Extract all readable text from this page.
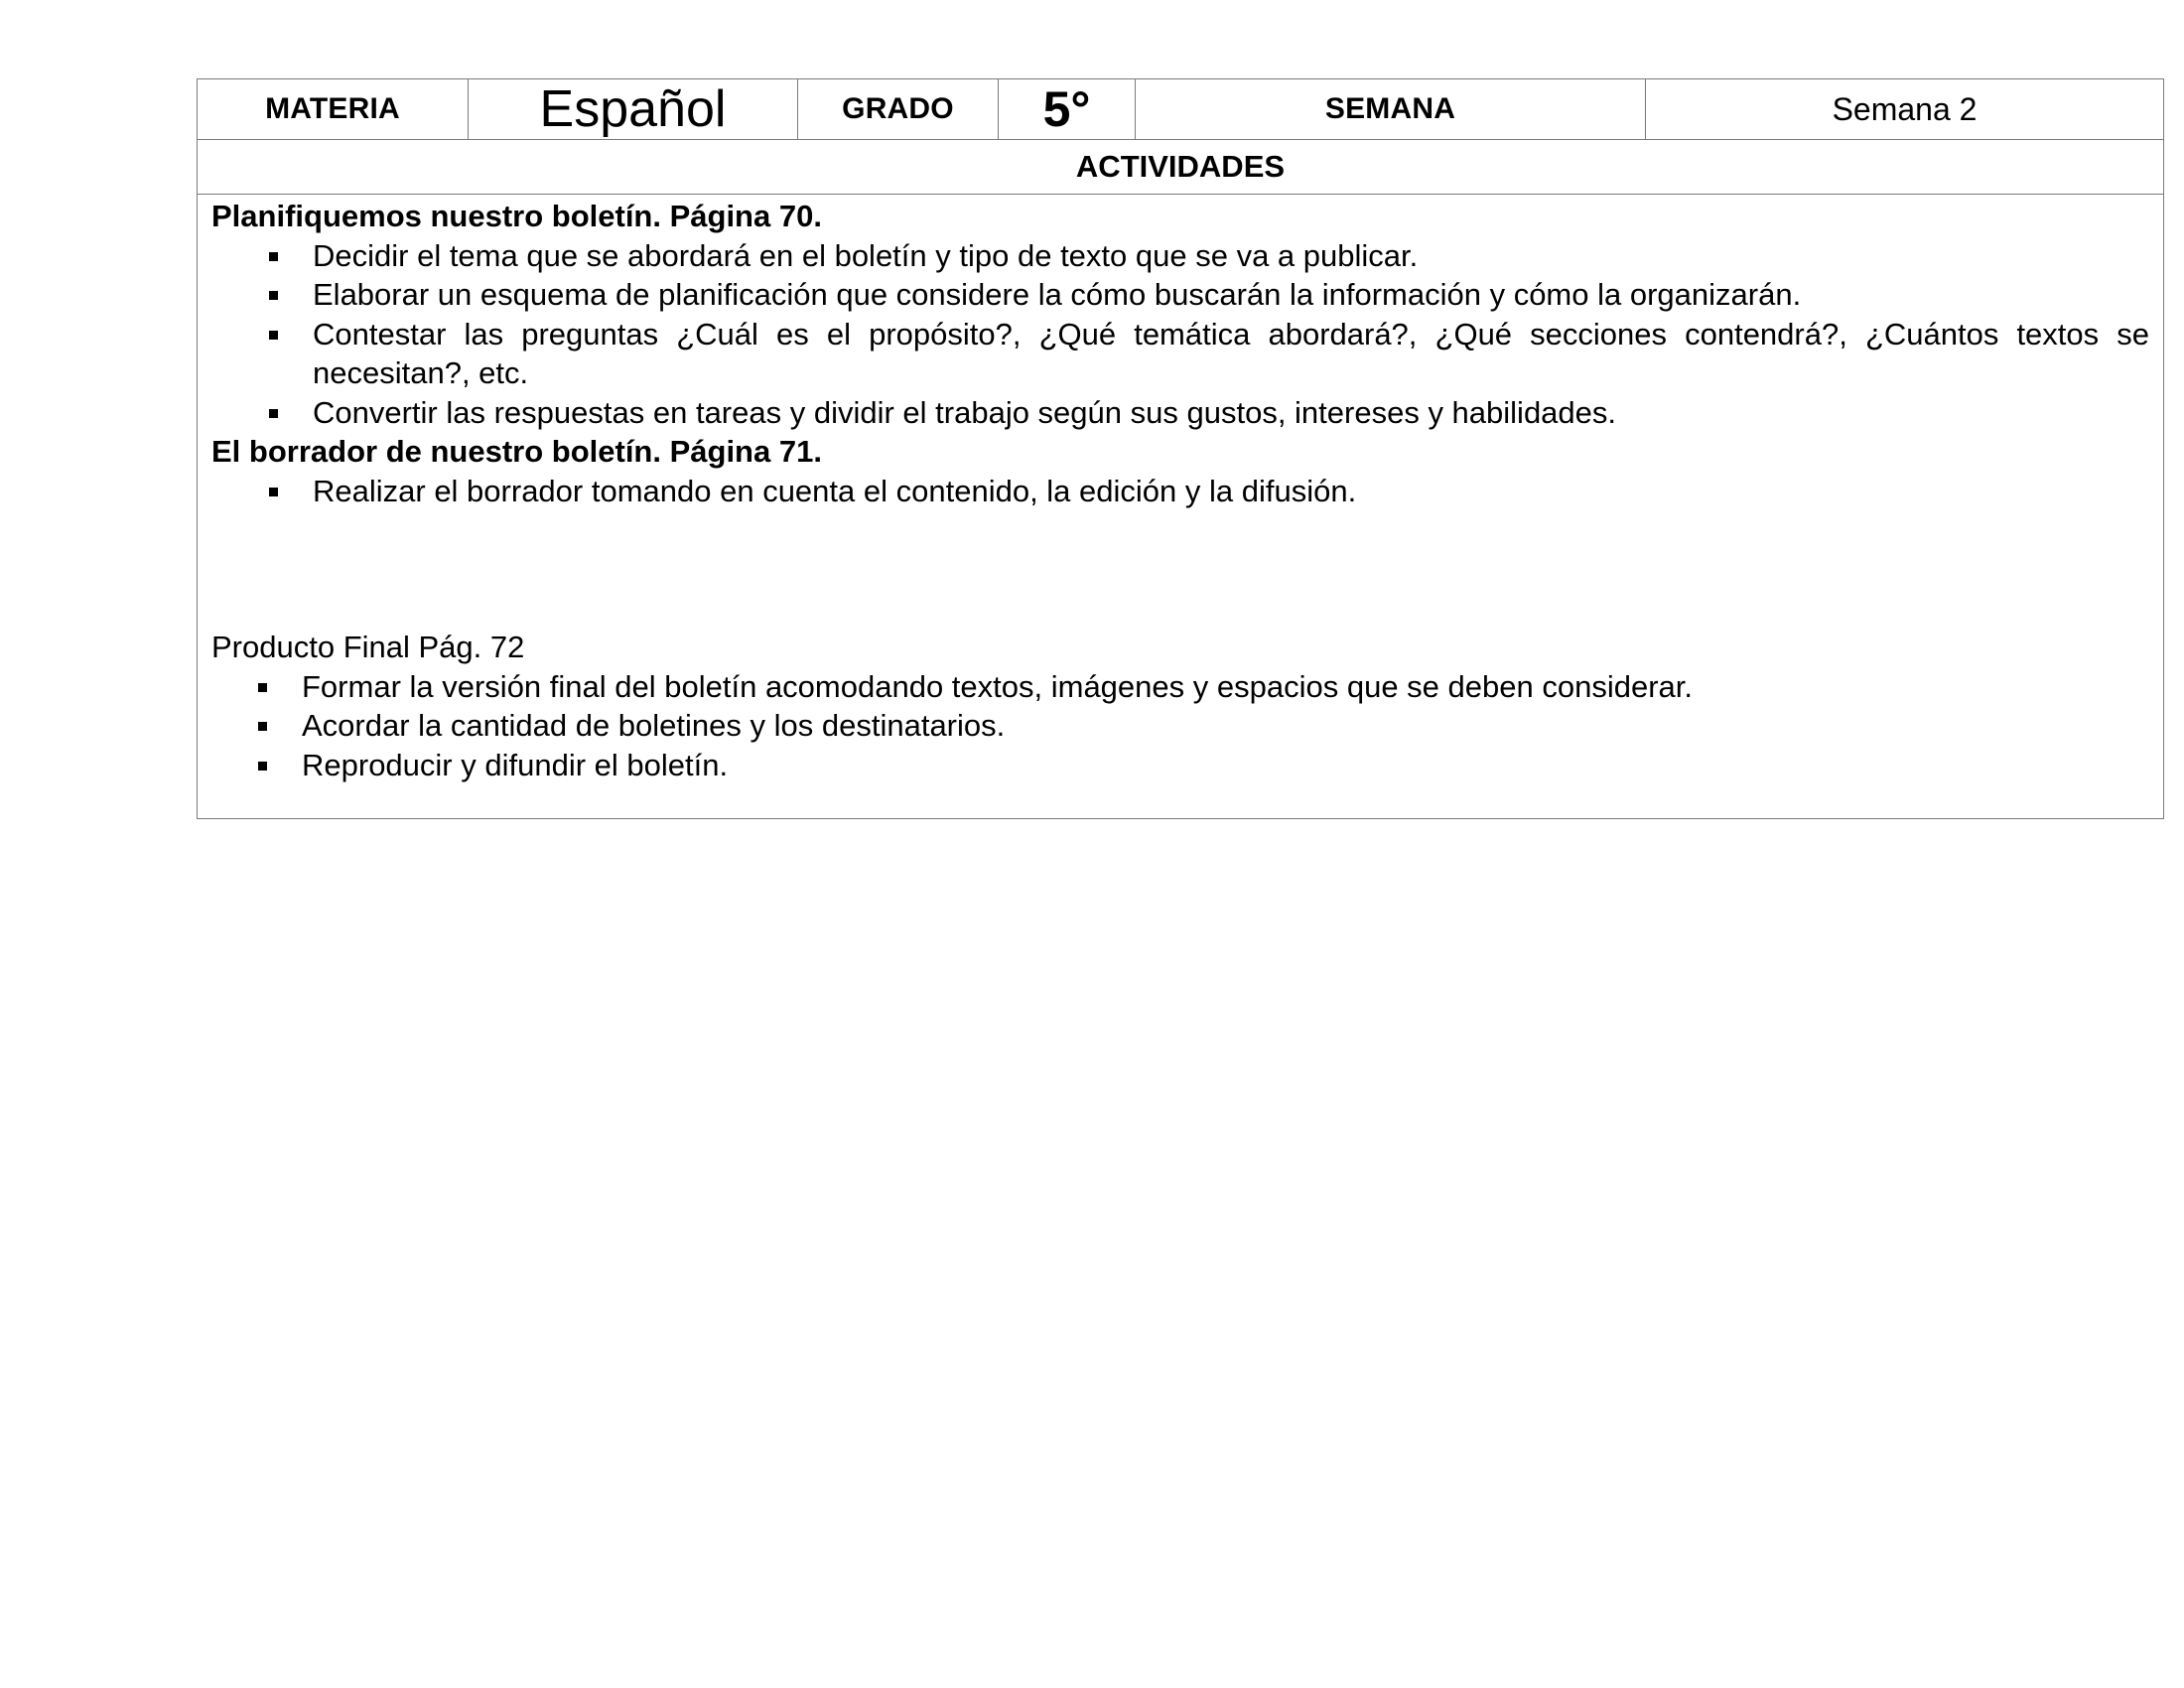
MATERIA	Español	GRADO	5°	SEMANA	Semana 2
ACTIVIDADES

Planifiquemos nuestro boletín. Página 70.

Decidir el tema que se abordará en el boletín y tipo de texto que se va a publicar.
Elaborar un esquema de planificación que considere la cómo buscarán la información y cómo la organizarán.
Contestar las preguntas ¿Cuál es el propósito?, ¿Qué temática abordará?, ¿Qué secciones contendrá?, ¿Cuántos textos se necesitan?, etc.
Convertir las respuestas en tareas y dividir el trabajo según sus gustos, intereses y habilidades.

El borrador de nuestro boletín. Página 71.

Realizar el borrador tomando en cuenta el contenido, la edición y la difusión.

Producto Final Pág. 72

Formar la versión final del boletín acomodando textos, imágenes y espacios que se deben considerar.
Acordar la cantidad de boletines y los destinatarios.
Reproducir y difundir el boletín.
